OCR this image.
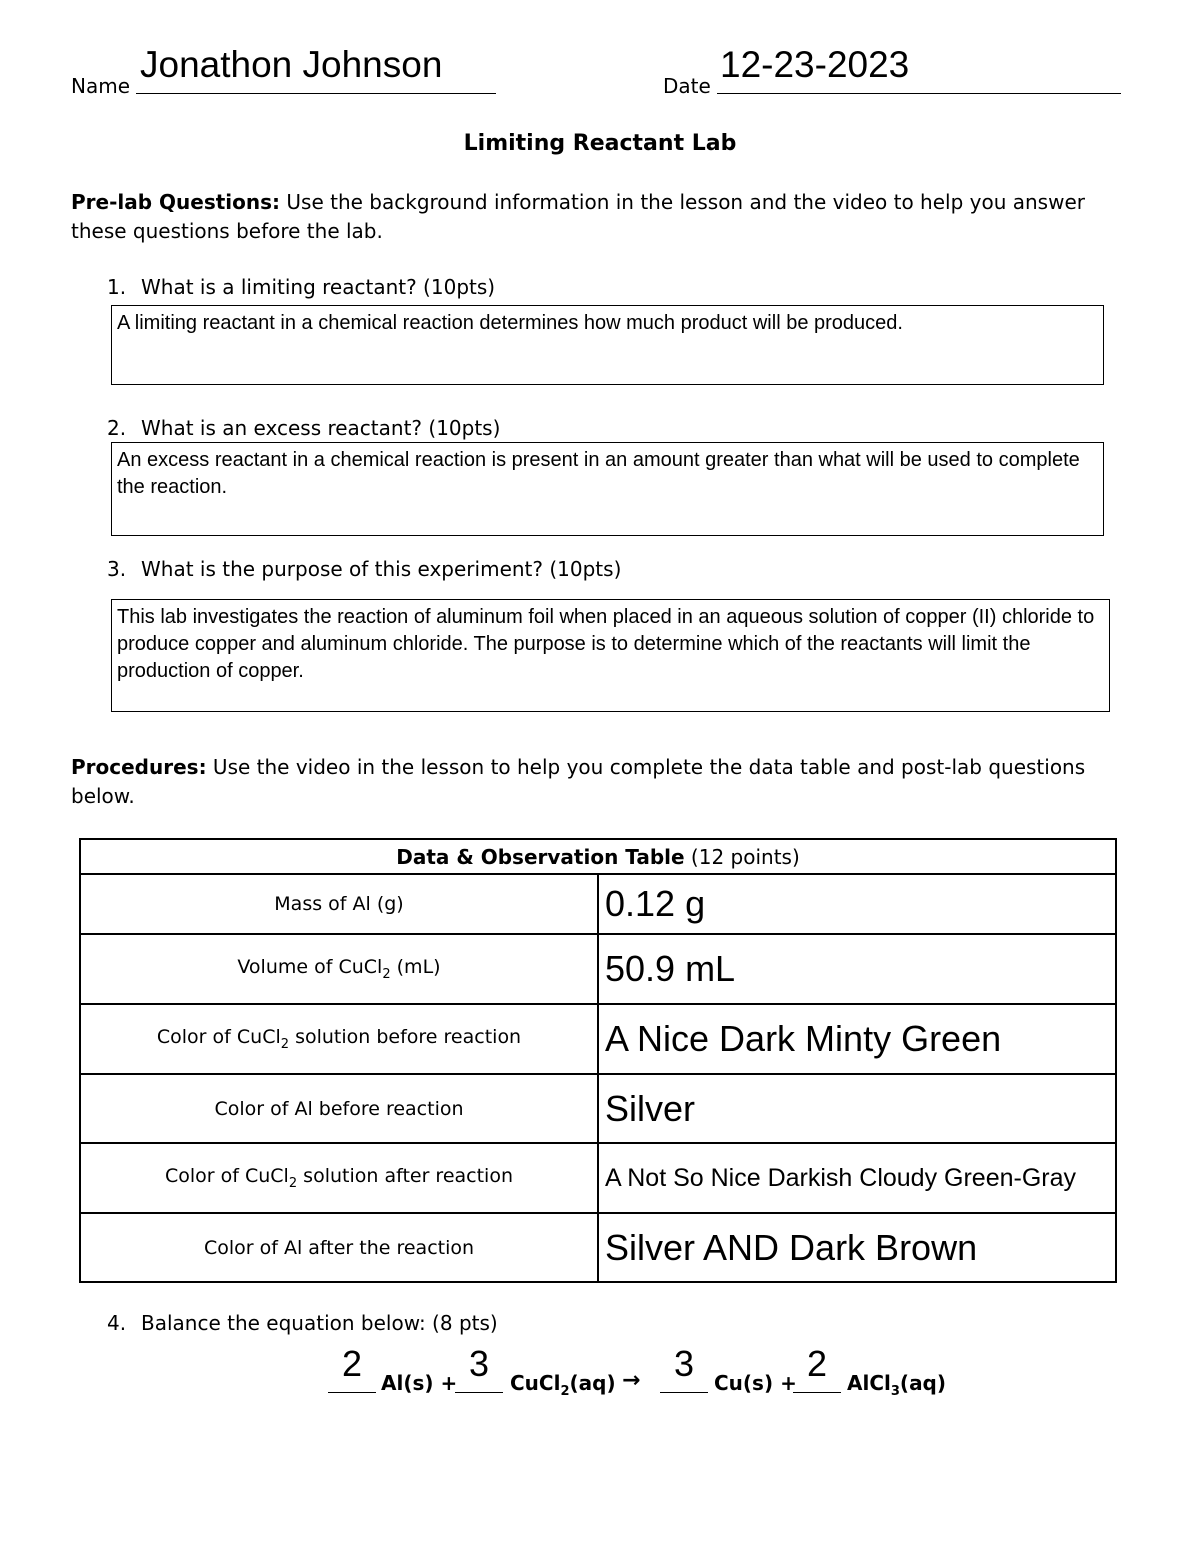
Name
Jonathon Johnson
Date
12-23-2023
Limiting Reactant Lab
Pre-lab Questions: Use the background information in the lesson and the video to help you answer these questions before the lab.
1. What is a limiting reactant? (10pts)
A limiting reactant in a chemical reaction determines how much product will be produced.
2. What is an excess reactant? (10pts)
An excess reactant in a chemical reaction is present in an amount greater than what will be used to complete the reaction.
3. What is the purpose of this experiment? (10pts)
This lab investigates the reaction of aluminum foil when placed in an aqueous solution of copper (II) chloride to produce copper and aluminum chloride. The purpose is to determine which of the reactants will limit the production of copper.
Procedures: Use the video in the lesson to help you complete the data table and post-lab questions below.
Data & Observation Table (12 points)	
Mass of Al (g)	0.12 g
Volume of CuCl$_2$ (mL)	50.9 mL
Color of CuCl$_2$ solution before reaction	A Nice Dark Minty Green
Color of Al before reaction	Silver
Color of CuCl$_2$ solution after reaction	A Not So Nice Darkish Cloudy Green-Gray
Color of Al after the reaction	Silver AND Dark Brown
4. Balance the equation below: (8 pts)
2 Al(s) + 3	CuCl$_2$(aq) → 3 Cu(s) + 2 AlCl$_3$(aq)
